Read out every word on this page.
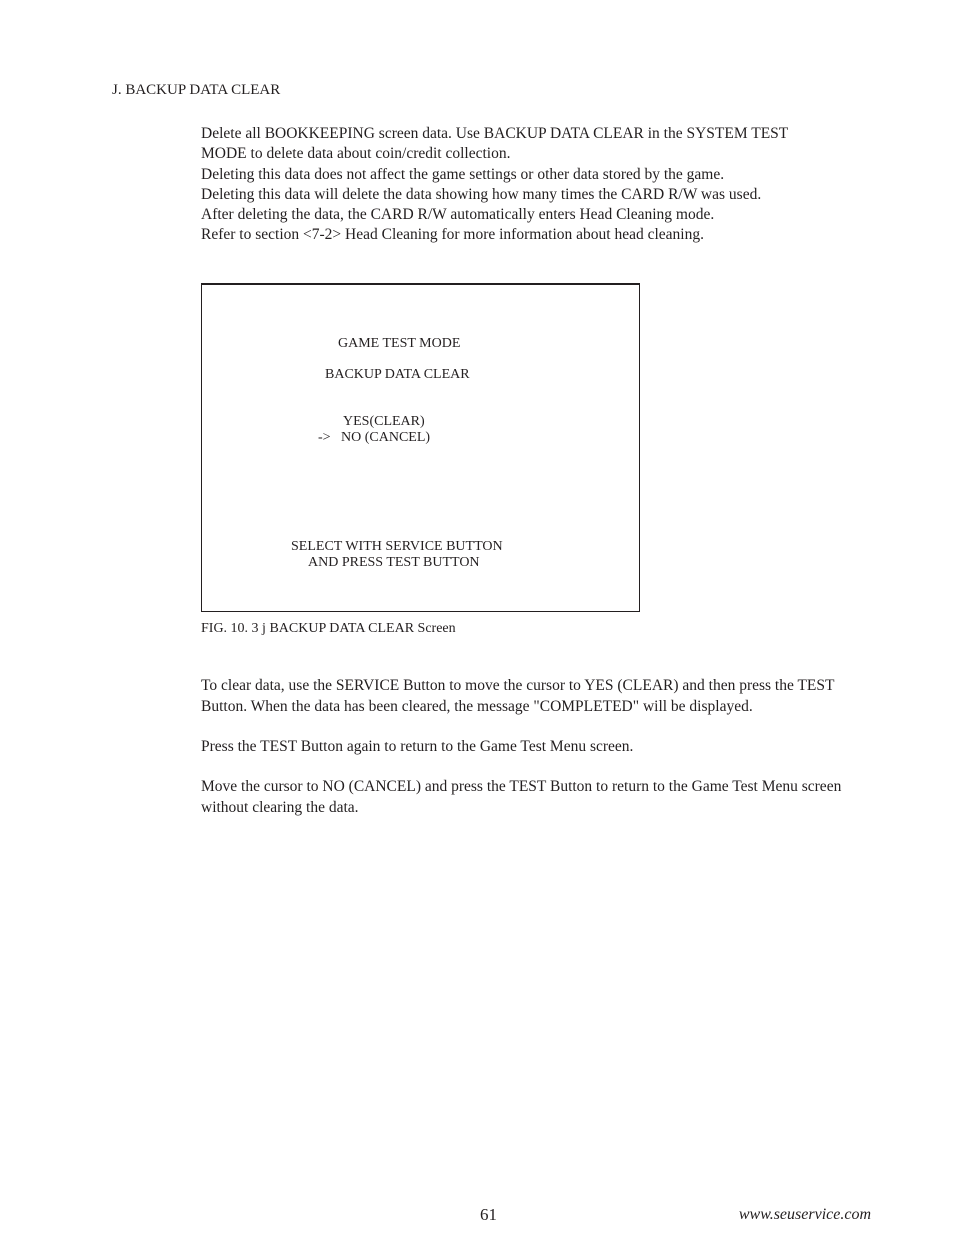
J. BACKUP DATA CLEAR

Delete all BOOKKEEPING screen data. Use BACKUP DATA CLEAR in the SYSTEM TEST

MODE to delete data about coin/credit collection.

Deleting this data does not affect the game settings or other data stored by the game.

Deleting this data will delete the data showing how many times the CARD R/W was used.

After deleting the data, the CARD R/W automatically enters Head Cleaning mode.

Refer to section <7-2> Head Cleaning for more information about head cleaning.

GAME TEST MODE
BACKUP DATA CLEAR
YES(CLEAR)
-> NO (CANCEL)
SELECT WITH SERVICE BUTTON
AND PRESS TEST BUTTON
FIG. 10. 3 j BACKUP DATA CLEAR Screen

To clear data, use the SERVICE Button to move the cursor to YES (CLEAR) and then press the TEST Button. When the data has been cleared, the message "COMPLETED" will be displayed.

Press the TEST Button again to return to the Game Test Menu screen.

Move the cursor to NO (CANCEL) and press the TEST Button to return to the Game Test Menu screen without clearing the data.

61	www.seuservice.com
